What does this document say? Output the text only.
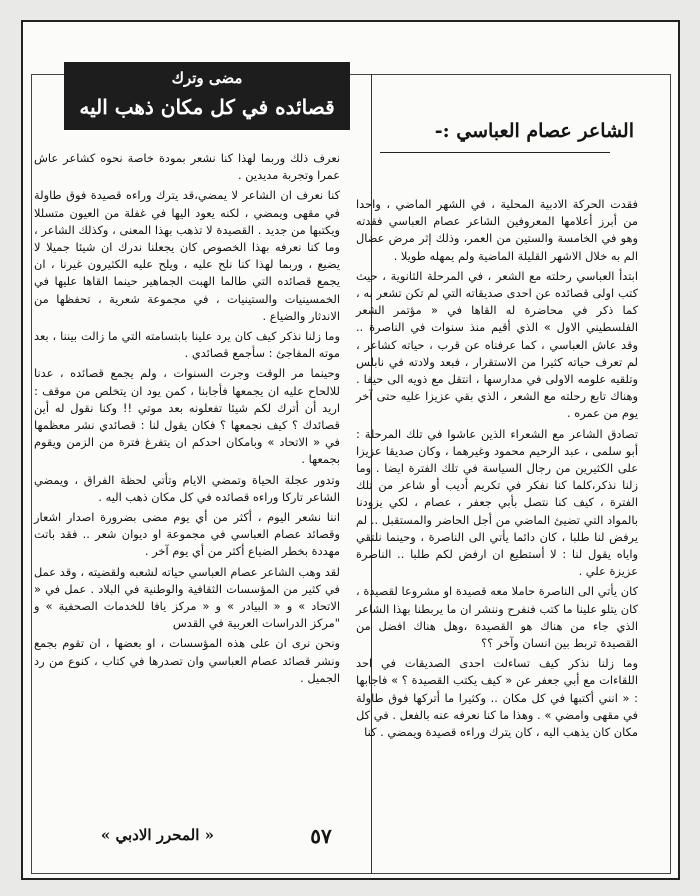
مضى وترك
قصائده في كل مكان ذهب اليه
الشاعر عصام العباسي :-

نعرف ذلك وربما لهذا كنا نشعر بمودة خاصة نحوه كشاعر عاش عمرا وتجربة مديدين .

كنا نعرف ان الشاعر لا يمضي،قد يترك وراءه قصيدة فوق طاولة في مقهى ويمضي ، لكنه يعود اليها في غفلة من العيون متسللا ويكتبها من جديد . القصيدة لا تذهب بهذا المعنى ، وكذلك الشاعر ، وما كنا نعرفه بهذا الخصوص كان يجعلنا ندرك ان شيئا جميلا لا يضيع ، وربما لهذا كنا نلح عليه ، ويلح عليه الكثيرون غيرنا ، ان يجمع قصائده التي طالما الهبت الجماهير حينما القاها عليها في الخمسينيات والستينيات ، في مجموعة شعرية ، تحفظها من الاندثار والضياع .

وما زلنا نذكر كيف كان يرد علينا بابتسامته التي ما زالت بيننا ، بعد موته المفاجئ : سأجمع قصائدي .

وحينما مر الوقت وجرت السنوات ، ولم يجمع قصائده ، عدنا للالحاح عليه ان يجمعها فأجابنا ، كمن يود ان يتخلص من موقف : اريد أن أترك لكم شيئا تفعلونه بعد موتي !! وكنا نقول له أين قصائدك ؟ كيف نجمعها ؟ فكان يقول لنا : قصائدي نشر معظمها في « الاتحاد » وبامكان احدكم ان يتفرغ فترة من الزمن ويقوم بجمعها .

وتدور عجلة الحياة وتمضي الايام وتأتي لحظة الفراق ، ويمضي الشاعر تاركا وراءه قصائده في كل مكان ذهب اليه .

اننا نشعر اليوم ، أكثر من أي يوم مضى بضرورة اصدار اشعار وقصائد عصام العباسي في مجموعة او ديوان شعر .. فقد باتت مهددة بخطر الضياع أكثر من أي يوم آخر .

لقد وهب الشاعر عصام العباسي حياته لشعبه ولقضيته ، وقد عمل في كثير من المؤسسات الثقافية والوطنية في البلاد . عمل في « الاتحاد » و « البيادر » و « مركز يافا للخدمات الصحفية » و "مركز الدراسات العربية في القدس

ونحن نرى ان على هذه المؤسسات ، او بعضها ، ان تقوم بجمع ونشر قصائد عصام العباسي وان تصدرها في كتاب ، كنوع من رد الجميل .

فقدت الحركة الادبية المحلية ، في الشهر الماضي ، واحدا من أبرز أعلامها المعروفين الشاعر عصام العباسي فقدته وهو في الخامسة والستين من العمر، وذلك إثر مرض عضال الم به خلال الاشهر القليلة الماضية ولم يمهله طويلا .

ابتدأ العباسي رحلته مع الشعر ، في المرحلة الثانوية ، حيث كتب اولى قصائده عن احدى صديقاته التي لم تكن تشعر به ، كما ذكر في محاضرة له القاها في « مؤتمر الشعر الفلسطيني الاول » الذي أقيم منذ سنوات في الناصرة .. وقد عاش العباسي ، كما عرفناه عن قرب ، حياته كشاعر ، لم تعرف حياته كثيرا من الاستقرار ، فبعد ولادته في نابلس وتلقيه علومه الاولى في مدارسها ، انتقل مع ذويه الى حيفا . وهناك تابع رحلته مع الشعر ، الذي بقي عزيزا عليه حتى آخر يوم من عمره .

تصادق الشاعر مع الشعراء الذين عاشوا في تلك المرحلة : أبو سلمى ، عبد الرحيم محمود وغيرهما ، وكان صديقا عزيزا على الكثيرين من رجال السياسة في تلك الفترة ايضا . وما زلنا نذكر،كلما كنا نفكر في تكريم أديب أو شاعر من تلك الفترة ، كيف كنا نتصل بأبي جعفر ، عصام ، لكي يزودنا بالمواد التي تضيئ الماضي من أجل الحاضر والمستقبل .. لم يرفض لنا طلبا ، كان دائما يأتي الى الناصرة ، وحينما نلتقي واياه يقول لنا : لا أستطيع ان ارفض لكم طلبا .. الناصرة عزيزة علي .

كان يأتي الى الناصرة حاملا معه قصيدة او مشروعا لقصيدة ، كان يتلو علينا ما كتب فنفرح وننشر ان ما يربطنا بهذا الشاعر الذي جاء من هناك هو القصيدة ،وهل هناك افضل من القصيدة تربط بين انسان وآخر ؟؟

وما زلنا نذكر كيف تساءلت احدى الصديقات في احد اللقاءات مع أبي جعفر عن « كيف يكتب القصيدة ؟ » فاجابها : « انني أكتبها في كل مكان .. وكثيرا ما أتركها فوق طاولة في مقهى وامضي » . وهذا ما كنا نعرفه عنه بالفعل . في كل مكان كان يذهب اليه ، كان يترك وراءه قصيدة ويمضي . كنا

« المحرر الادبي »	٥٧
